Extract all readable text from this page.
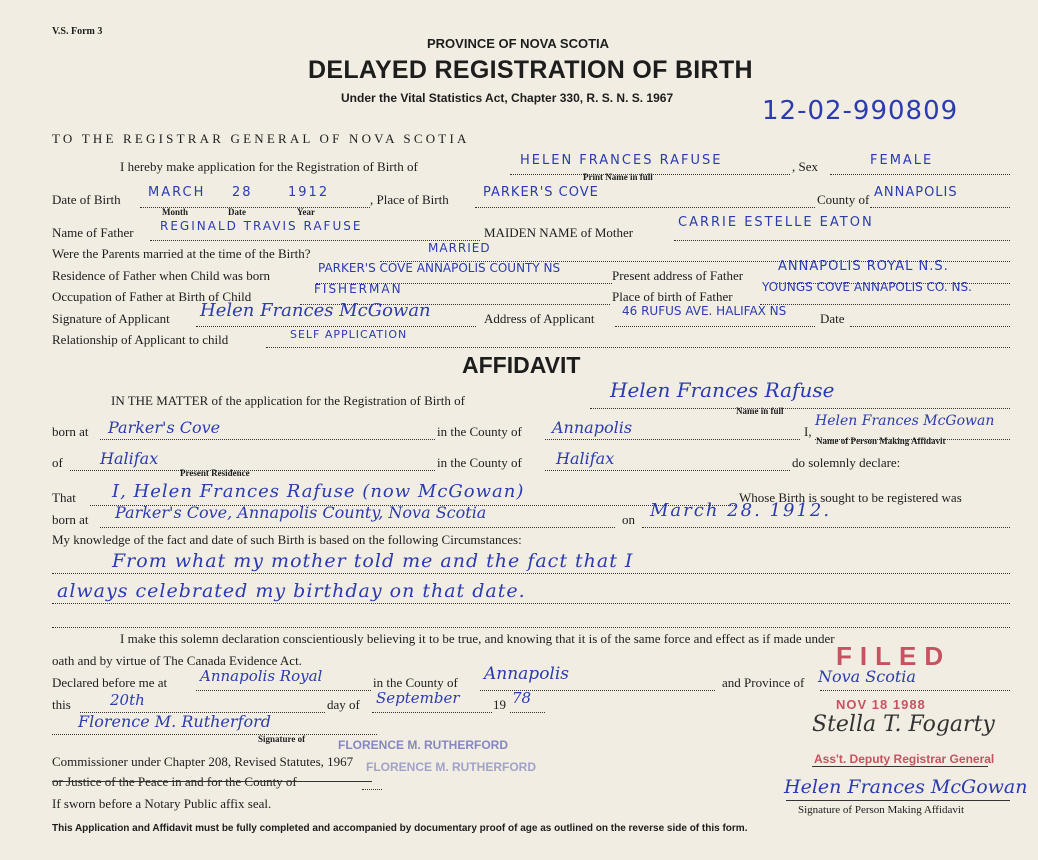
V.S. Form 3
PROVINCE OF NOVA SCOTIA
DELAYED REGISTRATION OF BIRTH
Under the Vital Statistics Act, Chapter 330, R. S. N. S. 1967	12-02-990809
TO THE REGISTRAR GENERAL OF NOVA SCOTIA
I hereby make application for the Registration of Birth of	HELEN FRANCES RAFUSE	, Sex	FEMALE
Print Name in full
Date of Birth MARCH 28	1912	, Place of Birth	PARKER'S COVE	County of ANNAPOLIS
Month	Date	Year
Name of Father REGINALD TRAVIS RAFUSE	MAIDEN NAME of Mother
CARRIE ESTELLE EATON
Were the Parents married at the time of the Birth?	MARRIED
Residence of Father when Child was born	PARKER'S COVE ANNAPOLIS COUNTY NS	Present address of Father
ANNAPOLIS ROYAL N.S.
Occupation of Father at Birth of Child	FISHERMAN	Place of birth of Father
YOUNGS COVE ANNAPOLIS CO. NS.
Signature of Applicant Helen Frances McGowan	Address of Applicant 46 RUFUS AVE. HALIFAX NS	Date
Relationship of Applicant to child	SELF APPLICATION
AFFIDAVIT
IN THE MATTER of the application for the Registration of Birth of	Helen Frances Rafuse
Name in full
born at Parker's Cove	in the County of Annapolis	I,
Helen Frances McGowan
Name of Person Making Affidavit
of Halifax
Present Residence
in the County of Halifax	do solemnly declare:
That I, Helen Frances Rafuse (now McGowan)	Whose Birth is sought to be registered was
born at Parker's Cove, Annapolis County, Nova Scotia	on March 28. 1912.
My knowledge of the fact and date of such Birth is based on the following Circumstances:
From what my mother told me and the fact that I
always celebrated my birthday on that date.
I make this solemn declaration conscientiously believing it to be true, and knowing that it is of the same force and effect as if made under
oath and by virtue of The Canada Evidence Act.
Declared before me at Annapolis Royal	in the County of Annapolis	and Province of Nova Scotia
this	20th	day of September	19 78
Florence M. Rutherford
Signature of
Commissioner under Chapter 208, Revised Statutes, 1967
or Justice of the Peace in and for the County of
If sworn before a Notary Public affix seal.
FLORENCE M. RUTHERFORD
FLORENCE M. RUTHERFORD
FILED
NOV 18 1988
Stella T. Fogarty
Ass't. Deputy Registrar General
Helen Frances McGowan
Signature of Person Making Affidavit
This Application and Affidavit must be fully completed and accompanied by documentary proof of age as outlined on the reverse side of this form.
